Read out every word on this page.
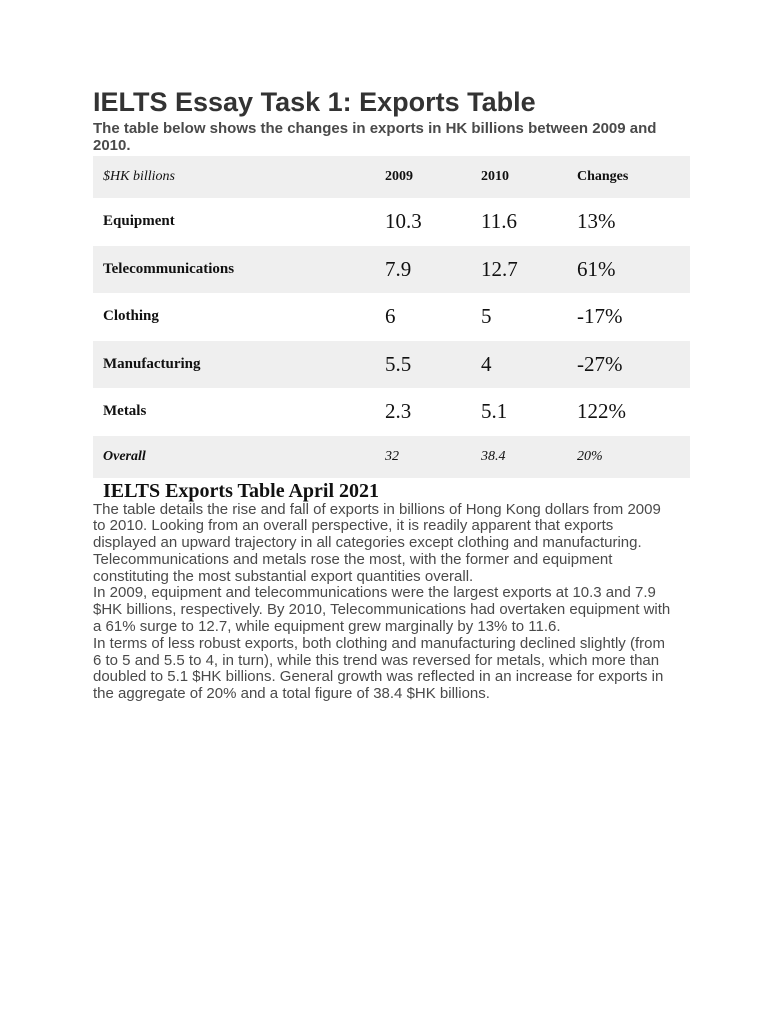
IELTS Essay Task 1: Exports Table

The table below shows the changes in exports in HK billions between 2009 and 2010.

$HK billions	2009	2010	Changes
Equipment	10.3	11.6	13%
Telecommunications	7.9	12.7	61%
Clothing	6	5	-17%
Manufacturing	5.5	4	-27%
Metals	2.3	5.1	122%
Overall	32	38.4	20%
IELTS Exports Table April 2021

The table details the rise and fall of exports in billions of Hong Kong dollars from 2009 to 2010. Looking from an overall perspective, it is readily apparent that exports displayed an upward trajectory in all categories except clothing and manufacturing. Telecommunications and metals rose the most, with the former and equipment constituting the most substantial export quantities overall.

In 2009, equipment and telecommunications were the largest exports at 10.3 and 7.9 $HK billions, respectively. By 2010, Telecommunications had overtaken equipment with a 61% surge to 12.7, while equipment grew marginally by 13% to 11.6.

In terms of less robust exports, both clothing and manufacturing declined slightly (from 6 to 5 and 5.5 to 4, in turn), while this trend was reversed for metals, which more than doubled to 5.1 $HK billions. General growth was reflected in an increase for exports in the aggregate of 20% and a total figure of 38.4 $HK billions.
